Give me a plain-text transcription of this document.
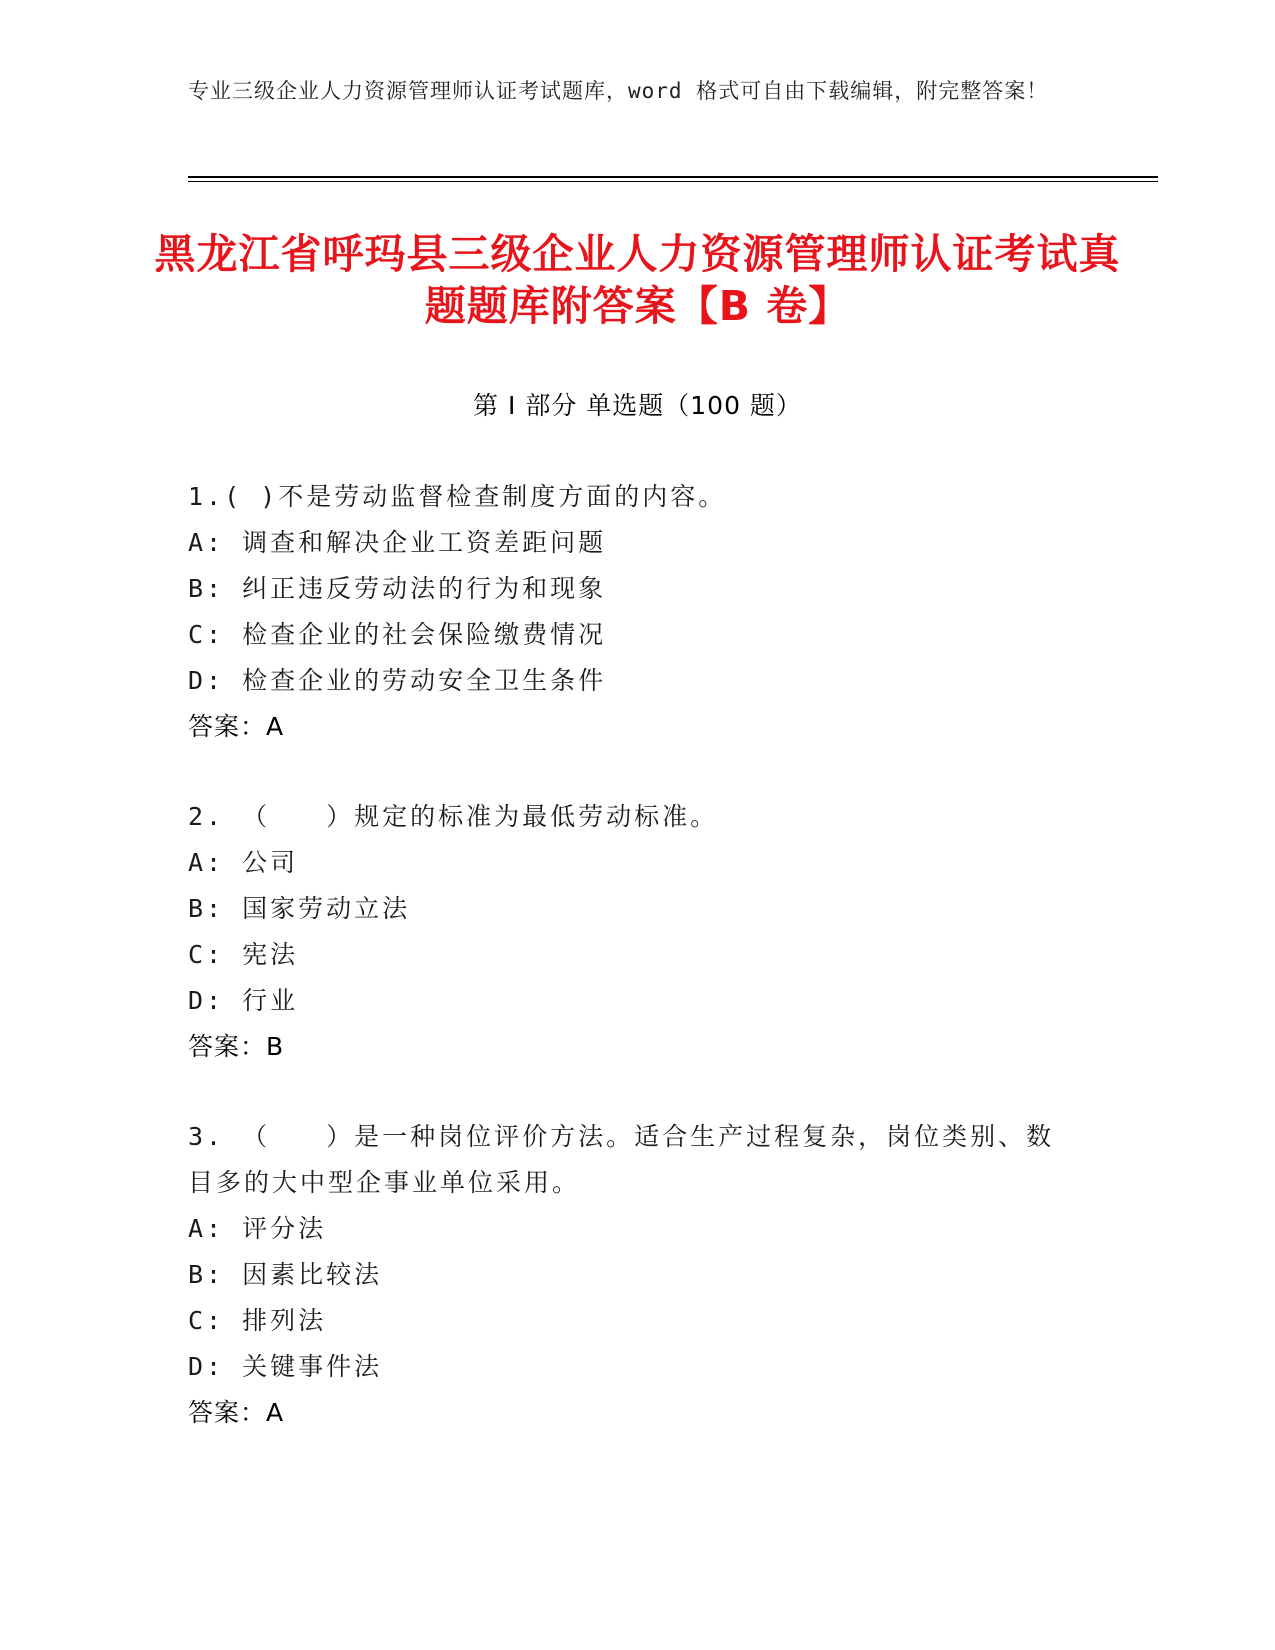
专业三级企业人力资源管理师认证考试题库，word 格式可自由下载编辑，附完整答案！
黑龙江省呼玛县三级企业人力资源管理师认证考试真题题库附答案【B 卷】
第 I 部分 单选题（100 题）
1.( )不是劳动监督检查制度方面的内容。
A: 调查和解决企业工资差距问题
B: 纠正违反劳动法的行为和现象
C: 检查企业的社会保险缴费情况
D: 检查企业的劳动安全卫生条件
答案：A
2. （　　）规定的标准为最低劳动标准。
A: 公司
B: 国家劳动立法
C: 宪法
D: 行业
答案：B
3. （　　）是一种岗位评价方法。适合生产过程复杂，岗位类别、数目多的大中型企事业单位采用。
A: 评分法
B: 因素比较法
C: 排列法
D: 关键事件法
答案：A
